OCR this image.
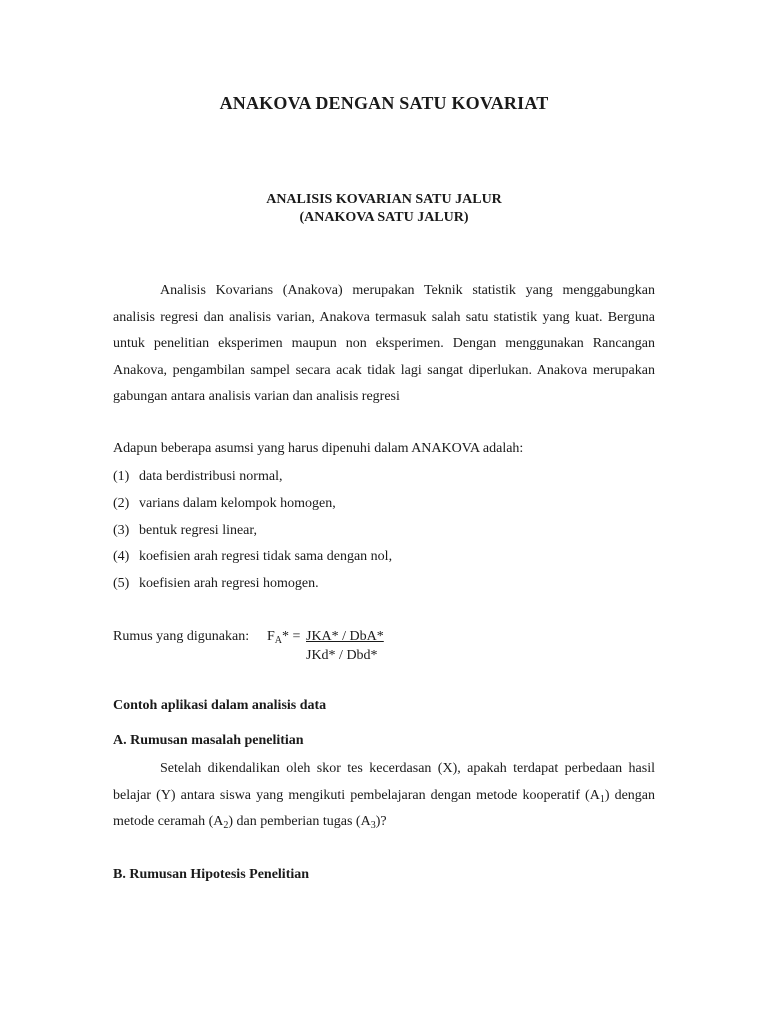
ANAKOVA DENGAN SATU KOVARIAT
ANALISIS KOVARIAN SATU JALUR
(ANAKOVA SATU JALUR)

Analisis Kovarians (Anakova) merupakan Teknik statistik yang menggabungkan analisis regresi dan analisis varian, Anakova termasuk salah satu statistik yang kuat. Berguna untuk penelitian eksperimen maupun non eksperimen. Dengan menggunakan Rancangan Anakova, pengambilan sampel secara acak tidak lagi sangat diperlukan. Anakova merupakan gabungan antara analisis varian dan analisis regresi

Adapun beberapa asumsi yang harus dipenuhi dalam ANAKOVA adalah:
(1) data berdistribusi normal,
(2) varians dalam kelompok homogen,
(3) bentuk regresi linear,
(4) koefisien arah regresi tidak sama dengan nol,
(5) koefisien arah regresi homogen.
Rumus yang digunakan: $F_A* = JKA* / DbA*$
JKd* / Dbd*
Contoh aplikasi dalam analisis data
A. Rumusan masalah penelitian

Setelah dikendalikan oleh skor tes kecerdasan (X), apakah terdapat perbedaan hasil belajar (Y) antara siswa yang mengikuti pembelajaran dengan metode kooperatif $(A_1)$ dengan metode ceramah $(A_2)$ dan pemberian tugas $(A_3)$?

B. Rumusan Hipotesis Penelitian
